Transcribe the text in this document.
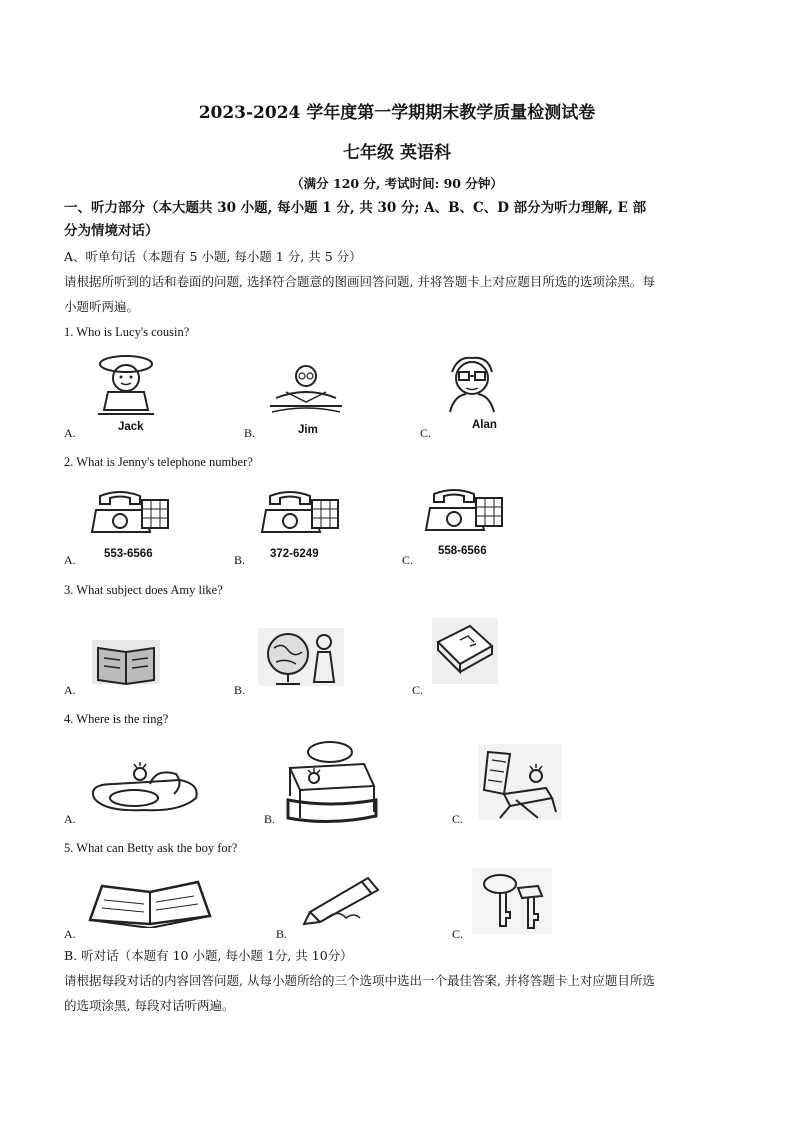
2023-2024 学年度第一学期期末教学质量检测试卷
七年级 英语科
（满分 120 分, 考试时间: 90 分钟）
一、听力部分（本大题共 30 小题, 每小题 1 分, 共 30 分; A、B、C、D 部分为听力理解, E 部
分为情境对话）
A、听单句话（本题有 5 小题, 每小题 1 分, 共 5 分）
请根据所听到的话和卷面的问题, 选择符合题意的图画回答问题, 并将答题卡上对应题目所选的选项涂黑。每
小题听两遍。
1. Who is Lucy's cousin?
A.	Jack	B.	Jim	C.
Alan
2. What is Jenny's telephone number?
A. 553-6566	B. 372-6249	C.
558-6566
3. What subject does Amy like?
A.	B.	C.
4. Where is the ring?
A.	B.	C.
5. What can Betty ask the boy for?
A.	B.	C.
B. 听对话（本题有 10 小题, 每小题 1分, 共 10分）
请根据每段对话的内容回答问题, 从每小题所给的三个选项中选出一个最佳答案, 并将答题卡上对应题目所选
的选项涂黑, 每段对话听两遍。
